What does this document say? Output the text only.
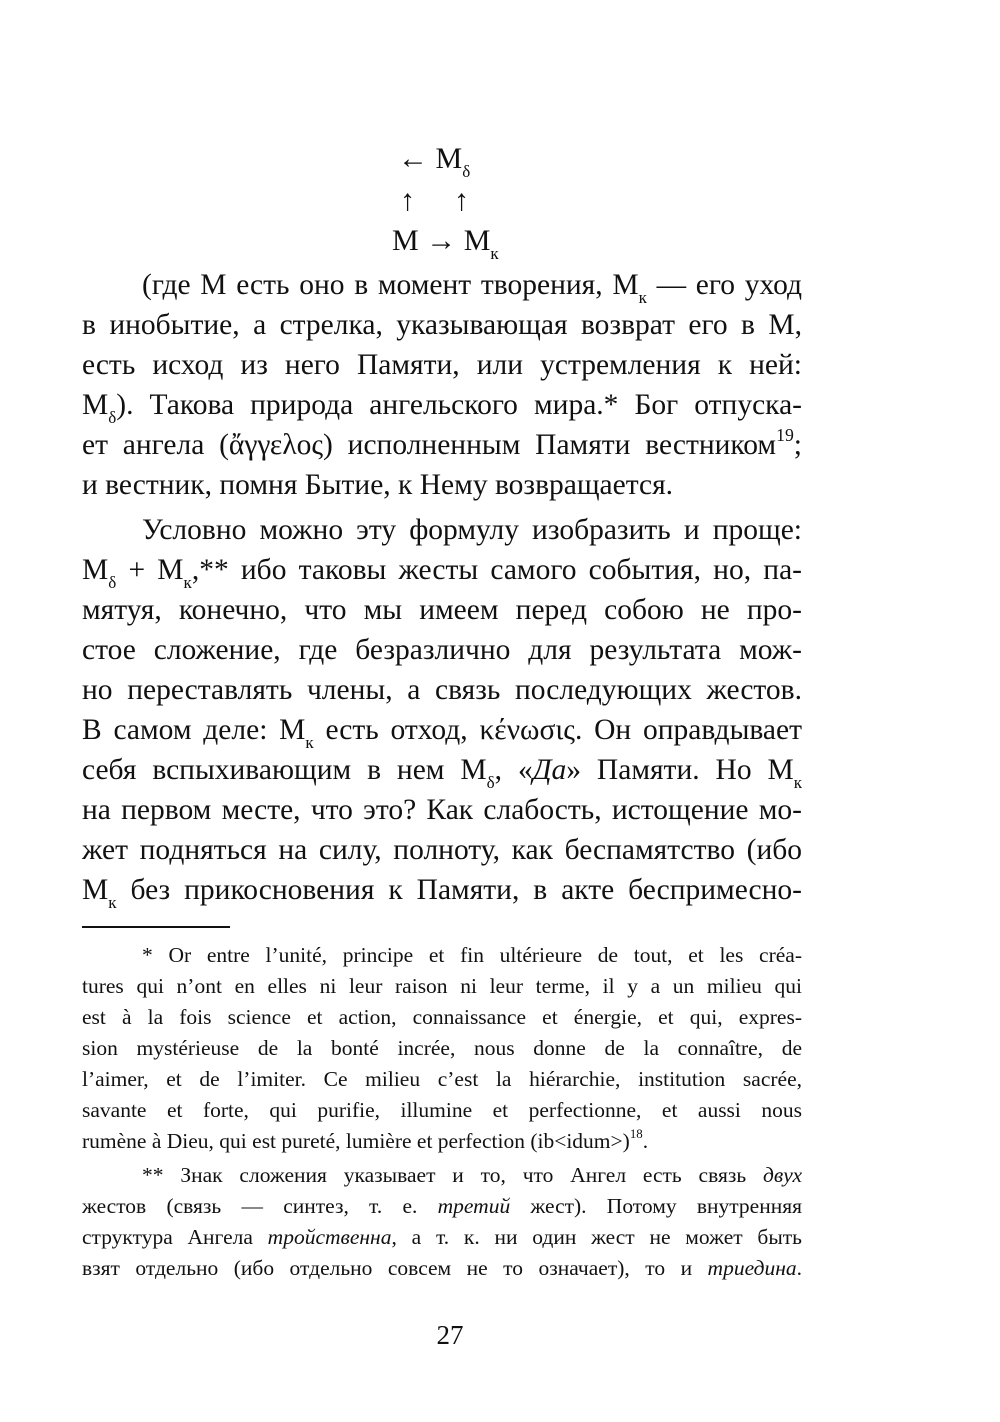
← $M_\delta$
↑ ↑
$M \to M_к$
(где M есть оно в момент творения, $M_к$ — его уход
в инобытие, а стрелка, указывающая возврат его в M,
есть исход из него Памяти, или устремления к ней:
$M_\delta$). Такова природа ангельского мира.* Бог отпуска-
ет ангела (ἄγγελος) исполненным Памяти вестником$^{19}$;
и вестник, помня Бытие, к Нему возвращается.
Условно можно эту формулу изобразить и проще:
$M_\delta + M_к,**$ ибо таковы жесты самого события, но, па-
мятуя, конечно, что мы имеем перед собою не про-
стое сложение, где безразлично для результата мож-
но переставлять члены, а связь последующих жестов.
В самом деле: $M_к$ есть отход, κένωσις. Он оправдывает
себя вспыхивающим в нем $M_\delta$, «Да» Памяти. Но $M_к$
на первом месте, что это? Как слабость, истощение мо-
жет подняться на силу, полноту, как беспамятство (ибо
$M_к$ без прикосновения к Памяти, в акте беспримесно-
* Or entre l’unité, principe et fin ultérieure de tout, et les créa-
tures qui n’ont en elles ni leur raison ni leur terme, il y a un milieu qui
est à la fois science et action, connaissance et énergie, et qui, expres-
sion mystérieuse de la bonté incrée, nous donne de la connaître, de
l’aimer, et de l’imiter. Ce milieu c’est la hiérarchie, institution sacrée,
savante et forte, qui purifie, illumine et perfectionne, et aussi nous
rumène à Dieu, qui est pureté, lumière et perfection (ib<idum>)$^{18}$.
** Знак сложения указывает и то, что Ангел есть связь двух
жестов (связь — синтез, т. е. третий жест). Потому внутренняя
структура Ангела тройственна, а т. к. ни один жест не может быть
взят отдельно (ибо отдельно совсем не то означает), то и триедина.
27
